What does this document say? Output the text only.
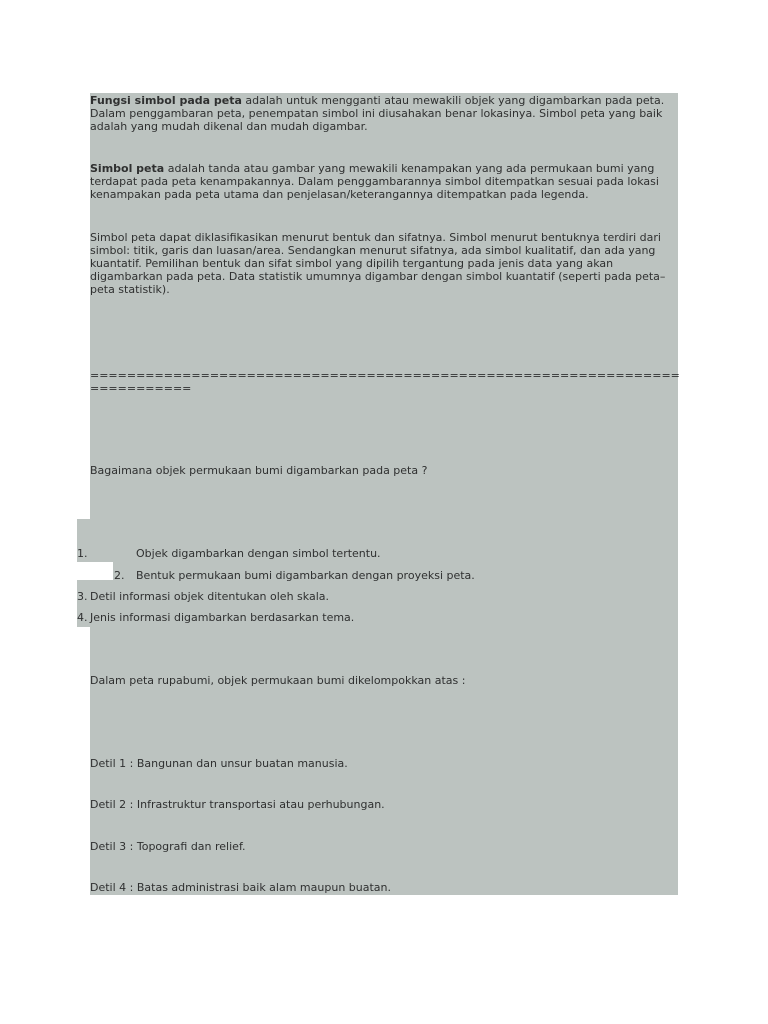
Fungsi simbol pada peta adalah untuk mengganti atau mewakili objek yang digambarkan pada peta. Dalam penggambaran peta, penempatan simbol ini diusahakan benar lokasinya. Simbol peta yang baik adalah yang mudah dikenal dan mudah digambar.

Simbol peta adalah tanda atau gambar yang mewakili kenampakan yang ada permukaan bumi yang terdapat pada peta kenampakannya. Dalam penggambarannya simbol ditempatkan sesuai pada lokasi kenampakan pada peta utama dan penjelasan/keterangannya ditempatkan pada legenda.

Simbol peta dapat diklasifikasikan menurut bentuk dan sifatnya. Simbol menurut bentuknya terdiri dari simbol: titik, garis dan luasan/area. Sendangkan menurut sifatnya, ada simbol kualitatif, dan ada yang kuantatif. Pemilihan bentuk dan sifat simbol yang dipilih tergantung pada jenis data yang akan digambarkan pada peta. Data statistik umumnya digambar dengan simbol kuantatif (seperti pada peta–peta statistik).

===========================================================================

Bagaimana objek permukaan bumi digambarkan pada peta ?

1.	Objek digambarkan dengan simbol tertentu.
2. Bentuk permukaan bumi digambarkan dengan proyeksi peta.
3. Detil informasi objek ditentukan oleh skala.
4. Jenis informasi digambarkan berdasarkan tema.

Dalam peta rupabumi, objek permukaan bumi dikelompokkan atas :

Detil 1 : Bangunan dan unsur buatan manusia.

Detil 2 : Infrastruktur transportasi atau perhubungan.

Detil 3 : Topografi dan relief.

Detil 4 : Batas administrasi baik alam maupun buatan.
